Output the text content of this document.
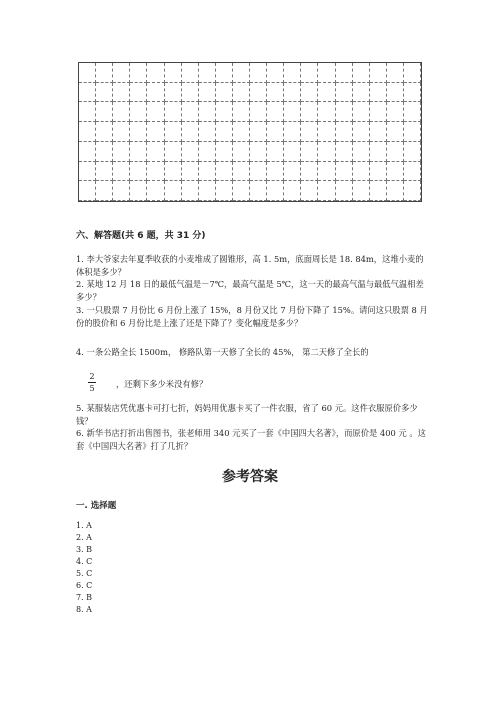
六、解答题(共 6 题，共 31 分)
1. 李大爷家去年夏季收获的小麦堆成了圆锥形，高 1. 5m，底面周长是 18. 84m，这堆小麦的体积是多少？
2. 某地 12 月 18 日的最低气温是－7℃，最高气温是 5℃，这一天的最高气温与最低气温相差多少？
3. 一只股票 7 月份比 6 月份上涨了 15%，8 月份又比 7 月份下降了 15%。请问这只股票 8 月份的股价和 6 月份比是上涨了还是下降了？变化幅度是多少？
4. 一条公路全长 1500m， 修路队第一天修了全长的 45%， 第二天修了全长的
2
5	，还剩下多少米没有修？
5. 某服装店凭优惠卡可打七折，妈妈用优惠卡买了一件衣服，省了 60 元。这件衣服原价多少钱？
6. 新华书店打折出售图书，张老师用 340 元买了一套《中国四大名著》，而原价是 400 元 。这套《中国四大名著》打了几折？
参考答案
一. 选择题
1. A
2. A
3. B
4. C
5. C
6. C
7. B
8. A
